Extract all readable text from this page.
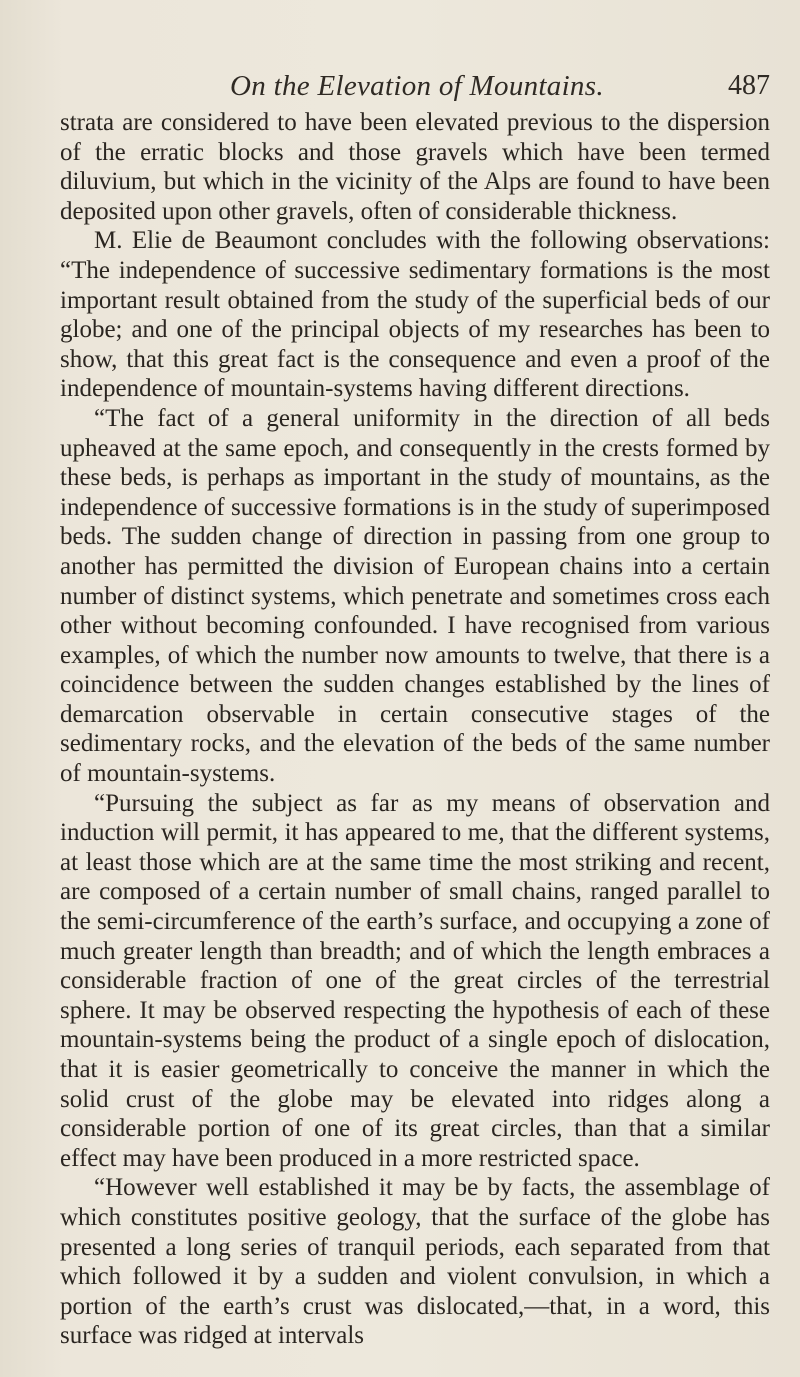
On the Elevation of Mountains.	487

strata are considered to have been elevated previous to the dispersion of the erratic blocks and those gravels which have been termed diluvium, but which in the vicinity of the Alps are found to have been deposited upon other gravels, often of considerable thickness.

M. Elie de Beaumont concludes with the following observations: “The independence of successive sedimentary formations is the most important result obtained from the study of the superficial beds of our globe; and one of the principal objects of my researches has been to show, that this great fact is the consequence and even a proof of the independence of mountain-systems having different directions.

“The fact of a general uniformity in the direction of all beds upheaved at the same epoch, and consequently in the crests formed by these beds, is perhaps as important in the study of mountains, as the independence of successive formations is in the study of superimposed beds. The sudden change of direction in passing from one group to another has permitted the division of European chains into a certain number of distinct systems, which penetrate and sometimes cross each other without becoming confounded. I have recognised from various examples, of which the number now amounts to twelve, that there is a coincidence between the sudden changes established by the lines of demarcation observable in certain consecutive stages of the sedimentary rocks, and the elevation of the beds of the same number of mountain-systems.

“Pursuing the subject as far as my means of observation and induction will permit, it has appeared to me, that the different systems, at least those which are at the same time the most striking and recent, are composed of a certain number of small chains, ranged parallel to the semi-circumference of the earth’s surface, and occupying a zone of much greater length than breadth; and of which the length embraces a considerable fraction of one of the great circles of the terrestrial sphere. It may be observed respecting the hypothesis of each of these mountain-systems being the product of a single epoch of dislocation, that it is easier geometrically to conceive the manner in which the solid crust of the globe may be elevated into ridges along a considerable portion of one of its great circles, than that a similar effect may have been produced in a more restricted space.

“However well established it may be by facts, the assemblage of which constitutes positive geology, that the surface of the globe has presented a long series of tranquil periods, each separated from that which followed it by a sudden and violent convulsion, in which a portion of the earth’s crust was dislocated,—that, in a word, this surface was ridged at intervals
